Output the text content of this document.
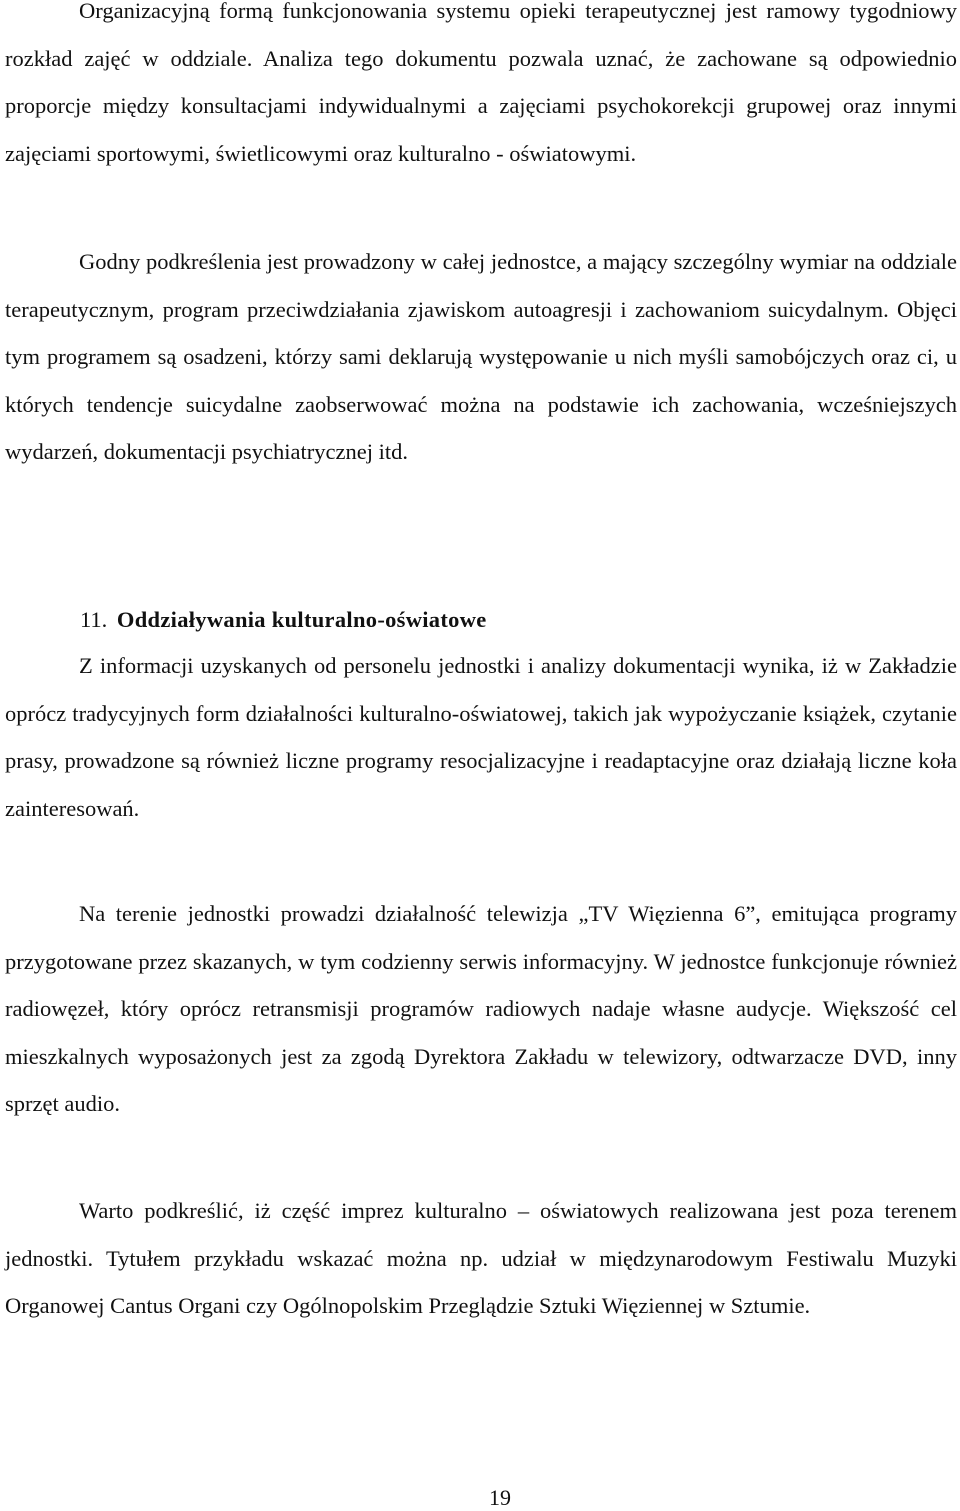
Organizacyjną formą funkcjonowania systemu opieki terapeutycznej jest ramowy tygodniowy rozkład zajęć w oddziale. Analiza tego dokumentu pozwala uznać, że zachowane są odpowiednio proporcje między konsultacjami indywidualnymi a zajęciami psychokorekcji grupowej oraz innymi zajęciami sportowymi, świetlicowymi oraz kulturalno - oświatowymi.

Godny podkreślenia jest prowadzony w całej jednostce, a mający szczególny wymiar na oddziale terapeutycznym, program przeciwdziałania zjawiskom autoagresji i zachowaniom suicydalnym. Objęci tym programem są osadzeni, którzy sami deklarują występowanie u nich myśli samobójczych oraz ci, u których tendencje suicydalne zaobserwować można na podstawie ich zachowania, wcześniejszych wydarzeń, dokumentacji psychiatrycznej itd.

11. Oddziaływania kulturalno-oświatowe

Z informacji uzyskanych od personelu jednostki i analizy dokumentacji wynika, iż w Zakładzie oprócz tradycyjnych form działalności kulturalno-oświatowej, takich jak wypożyczanie książek, czytanie prasy, prowadzone są również liczne programy resocjalizacyjne i readaptacyjne oraz działają liczne koła zainteresowań.

Na terenie jednostki prowadzi działalność telewizja „TV Więzienna 6”, emitująca programy przygotowane przez skazanych, w tym codzienny serwis informacyjny. W jednostce funkcjonuje również radiowęzeł, który oprócz retransmisji programów radiowych nadaje własne audycje. Większość cel mieszkalnych wyposażonych jest za zgodą Dyrektora Zakładu w telewizory, odtwarzacze DVD, inny sprzęt audio.

Warto podkreślić, iż część imprez kulturalno – oświatowych realizowana jest poza terenem jednostki. Tytułem przykładu wskazać można np. udział w międzynarodowym Festiwalu Muzyki Organowej Cantus Organi czy Ogólnopolskim Przeglądzie Sztuki Więziennej w Sztumie.

19
